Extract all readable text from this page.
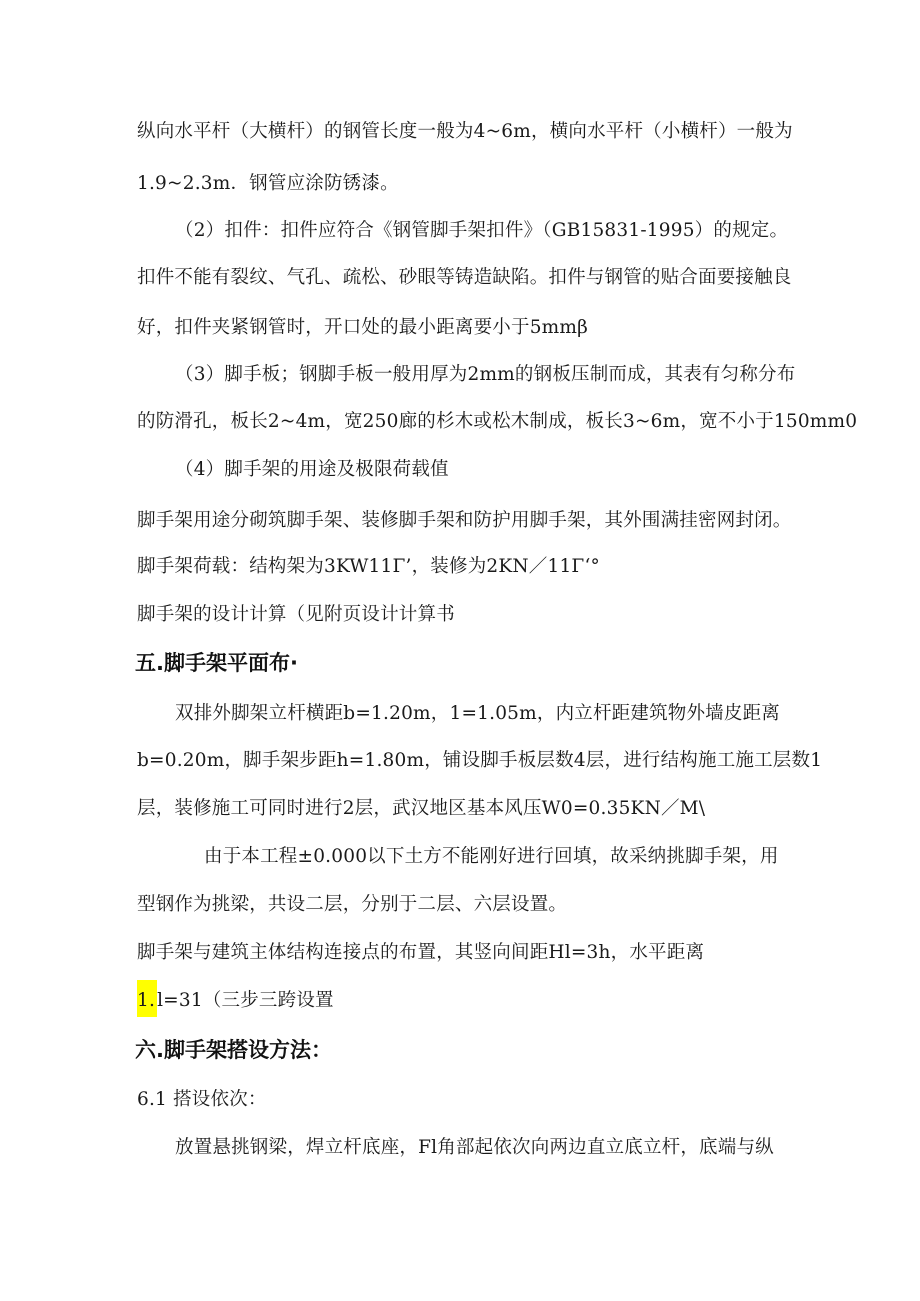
纵向水平杆（大横杆）的钢管长度一般为4~6m，横向水平杆（小横杆）一般为
1.9~2.3m．钢管应涂防锈漆。
（2）扣件：扣件应符合《钢管脚手架扣件》（GB15831-1995）的规定。
扣件不能有裂纹、气孔、疏松、砂眼等铸造缺陷。扣件与钢管的贴合面要接触良
好，扣件夹紧钢管时，开口处的最小距离要小于5mmβ
（3）脚手板；钢脚手板一般用厚为2mm的钢板压制而成，其表有匀称分布
的防滑孔，板长2~4m，宽250廊的杉木或松木制成，板长3~6m，宽不小于150mm0
（4）脚手架的用途及极限荷载值
脚手架用途分砌筑脚手架、装修脚手架和防护用脚手架，其外围满挂密网封闭。
脚手架荷载：结构架为3KW11Γ’，装修为2KN／11Γ‘°
脚手架的设计计算（见附页设计计算书
五.脚手架平面布·
双排外脚架立杆横距b=1.20m，1=1.05m，内立杆距建筑物外墙皮距离
b=0.20m，脚手架步距h=1.80m，铺设脚手板层数4层，进行结构施工施工层数1
层，装修施工可同时进行2层，武汉地区基本风压W0=0.35KN／M\
由于本工程±0.000以下土方不能刚好进行回填，故采纳挑脚手架，用
型钢作为挑梁，共设二层，分别于二层、六层设置。
脚手架与建筑主体结构连接点的布置，其竖向间距Hl=3h，水平距离
1. l=31（三步三跨设置
六.脚手架搭设方法：
6.1 搭设依次：
放置悬挑钢梁，焊立杆底座，Fl角部起依次向两边直立底立杆，底端与纵
